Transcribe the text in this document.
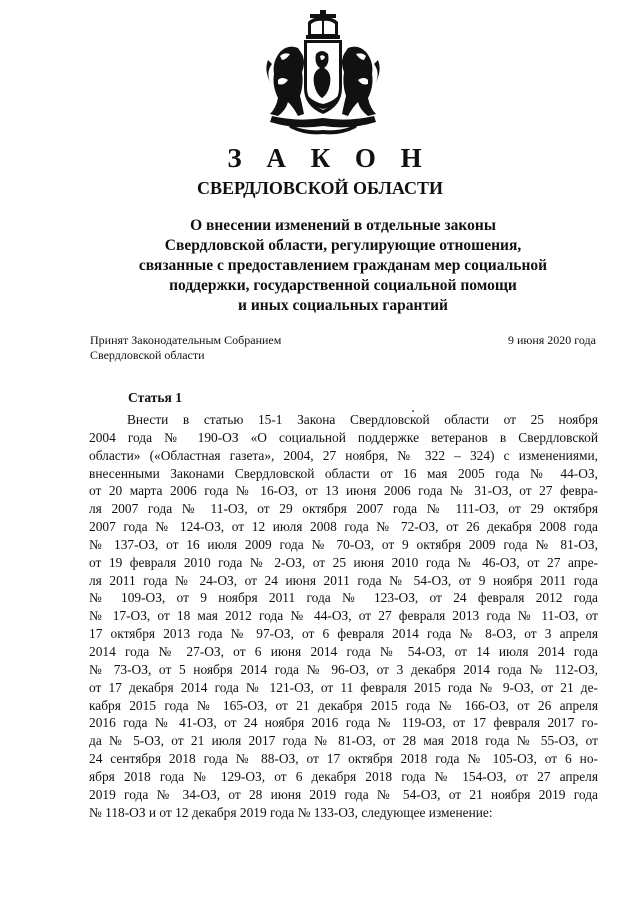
З А К О Н
СВЕРДЛОВСКОЙ ОБЛАСТИ
О внесении изменений в отдельные законы
Свердловской области, регулирующие отношения,
связанные с предоставлением гражданам мер социальной
поддержки, государственной социальной помощи
и иных социальных гарантий
Принят Законодательным Собранием
Свердловской области
9 июня 2020 года
Статья 1
Внести в статью 15-1 Закона Свердловской области от 25 ноября
2004 года № 190-ОЗ «О социальной поддержке ветеранов в Свердловской
области» («Областная газета», 2004, 27 ноября, № 322 – 324) с изменениями,
внесенными Законами Свердловской области от 16 мая 2005 года № 44-ОЗ,
от 20 марта 2006 года № 16-ОЗ, от 13 июня 2006 года № 31-ОЗ, от 27 февра-
ля 2007 года № 11-ОЗ, от 29 октября 2007 года № 111-ОЗ, от 29 октября
2007 года № 124-ОЗ, от 12 июля 2008 года № 72-ОЗ, от 26 декабря 2008 года
№ 137-ОЗ, от 16 июля 2009 года № 70-ОЗ, от 9 октября 2009 года № 81-ОЗ,
от 19 февраля 2010 года № 2-ОЗ, от 25 июня 2010 года № 46-ОЗ, от 27 апре-
ля 2011 года № 24-ОЗ, от 24 июня 2011 года № 54-ОЗ, от 9 ноября 2011 года
№ 109-ОЗ, от 9 ноября 2011 года № 123-ОЗ, от 24 февраля 2012 года
№ 17-ОЗ, от 18 мая 2012 года № 44-ОЗ, от 27 февраля 2013 года № 11-ОЗ, от
17 октября 2013 года № 97-ОЗ, от 6 февраля 2014 года № 8-ОЗ, от 3 апреля
2014 года № 27-ОЗ, от 6 июня 2014 года № 54-ОЗ, от 14 июля 2014 года
№ 73-ОЗ, от 5 ноября 2014 года № 96-ОЗ, от 3 декабря 2014 года № 112-ОЗ,
от 17 декабря 2014 года № 121-ОЗ, от 11 февраля 2015 года № 9-ОЗ, от 21 де-
кабря 2015 года № 165-ОЗ, от 21 декабря 2015 года № 166-ОЗ, от 26 апреля
2016 года № 41-ОЗ, от 24 ноября 2016 года № 119-ОЗ, от 17 февраля 2017 го-
да № 5-ОЗ, от 21 июля 2017 года № 81-ОЗ, от 28 мая 2018 года № 55-ОЗ, от
24 сентября 2018 года № 88-ОЗ, от 17 октября 2018 года № 105-ОЗ, от 6 но-
ября 2018 года № 129-ОЗ, от 6 декабря 2018 года № 154-ОЗ, от 27 апреля
2019 года № 34-ОЗ, от 28 июня 2019 года № 54-ОЗ, от 21 ноября 2019 года
№ 118-ОЗ и от 12 декабря 2019 года № 133-ОЗ, следующее изменение:
